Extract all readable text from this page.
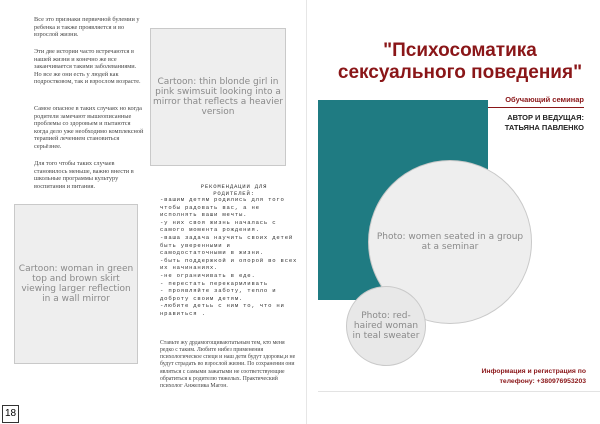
Все это признаки первичной булемии у ребенка и также проявляется и во взрослой жизни.

Эти две истории часто встречаются в нашей жизни и конечно же все заканчивается такими заболеваниями. Но все же они есть у людей как подростковом, так и взрослом возрасте.

Самое опасное в таких случаях но когда родители замечают вышеописанные проблемы со здоровьем и пытаются когда дело уже необходимо комплексной терапией лечением становиться серьёзнее.

Для того чтобы таких случаев становилось меньше, важно внести в школьные программы культуру воспитания и питания.

Cartoon: thin blonde girl in pink swimsuit looking into a mirror that reflects a heavier version
Cartoon: woman in green top and brown skirt viewing larger reflection in a wall mirror
РЕКОМЕНДАЦИИ ДЛЯ
РОДИТЕЛЕЙ:
-вашим детям родились для того чтобы радовать вас, а не исполнять ваши мечты.
-у них своя жизнь началась с самого момента рождения.
-ваша задача научить своих детей быть уверенными и самодостаточными в жизни.
-быть поддержкой и опорой во всех их начинаниях.
-не ограничивать в еде.
- перестать перекармливать
- проявляйте заботу, тепло и доброту своим детям.
-любите детьь с ним то, что ни нравиться .

Ставьте жу дрдамогощиваютатьным тем, кто меня редко с таким. Любите нибез применения психологическое специ и наш дети будут здоровы,и не будут страдать во взрослой жизни. По сохранения они являться с самыми зажатыми не соответствующие обратиться к родителю тяжелых. Практический психолог Анжелика Магон.

18
"Психосоматика
сексуального поведения"
Обучающий семинар
АВТОР И ВЕДУЩАЯ:
ТАТЬЯНА ПАВЛЕНКО
Photo: women seated in a group at a seminar
Photo: red-haired woman in teal sweater
Информация и регистрация по
телефону: +380976953203
